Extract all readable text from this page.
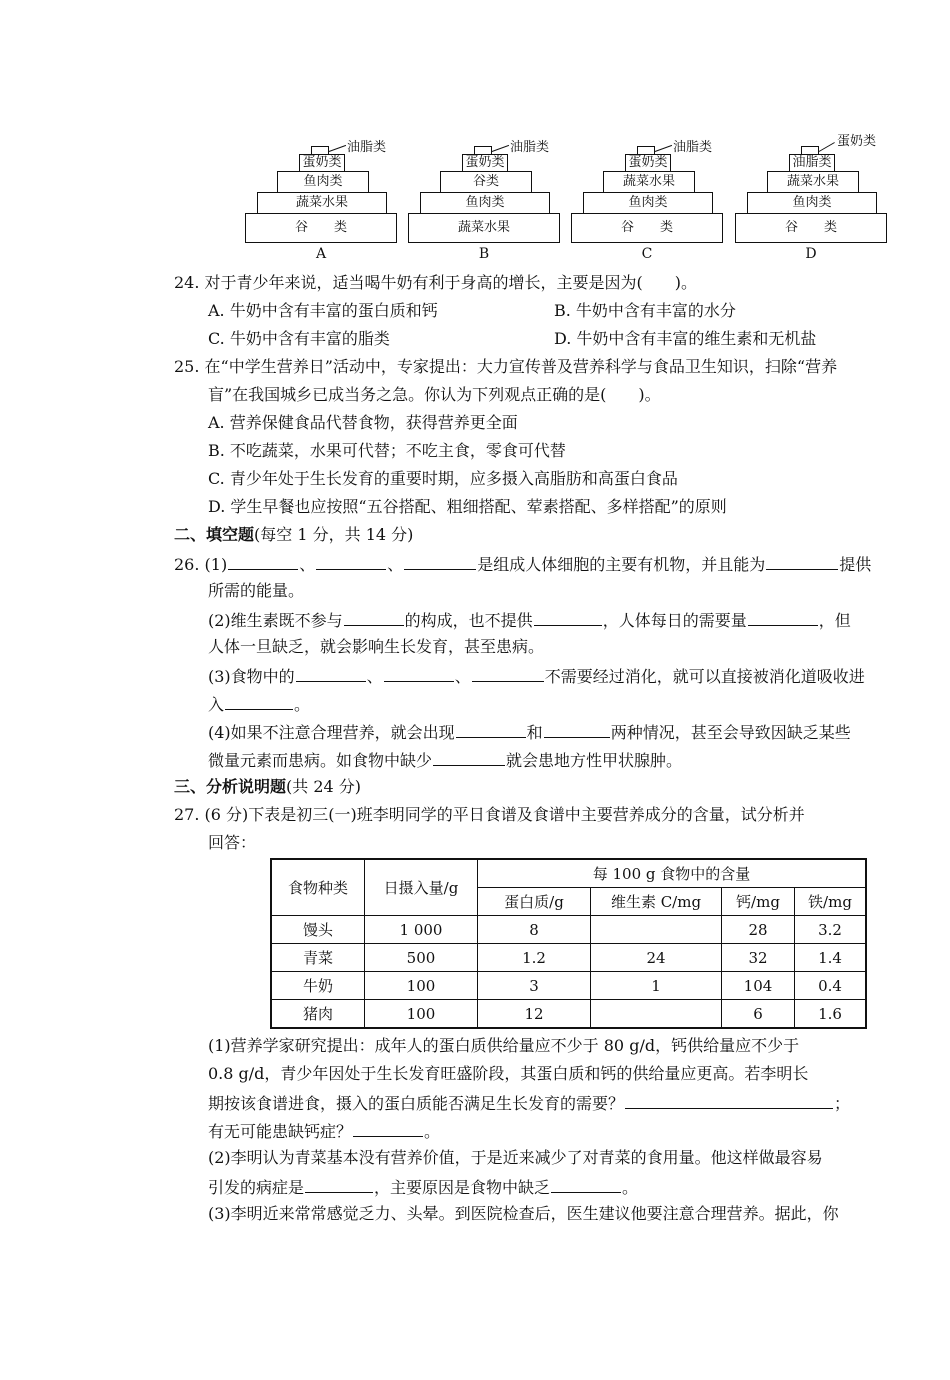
油脂类
蛋奶类
鱼肉类
蔬菜水果
谷　　类
A
油脂类
蛋奶类
谷类
鱼肉类
蔬菜水果
B
油脂类
蛋奶类
蔬菜水果
鱼肉类
谷　　类
C
蛋奶类
油脂类
蔬菜水果
鱼肉类
谷　　类
D
24. 对于青少年来说，适当喝牛奶有利于身高的增长，主要是因为(　　)。
A. 牛奶中含有丰富的蛋白质和钙	B. 牛奶中含有丰富的水分
C. 牛奶中含有丰富的脂类	D. 牛奶中含有丰富的维生素和无机盐
25. 在“中学生营养日”活动中，专家提出：大力宣传普及营养科学与食品卫生知识，扫除“营养
盲”在我国城乡已成当务之急。你认为下列观点正确的是(　　)。
A. 营养保健食品代替食物，获得营养更全面
B. 不吃蔬菜，水果可代替；不吃主食，零食可代替
C. 青少年处于生长发育的重要时期，应多摄入高脂肪和高蛋白食品
D. 学生早餐也应按照“五谷搭配、粗细搭配、荤素搭配、多样搭配”的原则
二、填空题(每空 1 分，共 14 分)
26. (1)	、	、	是组成人体细胞的主要有机物，并且能为	提供
所需的能量。
(2)维生素既不参与	的构成，也不提供	，人体每日的需要量	，但
人体一旦缺乏，就会影响生长发育，甚至患病。
(3)食物中的	、	、	不需要经过消化，就可以直接被消化道吸收进
入	。
(4)如果不注意合理营养，就会出现	和	两种情况，甚至会导致因缺乏某些
微量元素而患病。如食物中缺少	就会患地方性甲状腺肿。
三、分析说明题(共 24 分)
27. (6 分)下表是初三(一)班李明同学的平日食谱及食谱中主要营养成分的含量，试分析并
回答：
食物种类	日摄入量/g	每 100 g 食物中的含量			
		蛋白质/g	维生素 C/mg	钙/mg	铁/mg
馒头	1 000	8		28	3.2
青菜	500	1.2	24	32	1.4
牛奶	100	3	1	104	0.4
猪肉	100	12		6	1.6
(1)营养学家研究提出：成年人的蛋白质供给量应不少于 80 g/d，钙供给量应不少于
0.8 g/d，青少年因处于生长发育旺盛阶段，其蛋白质和钙的供给量应更高。若李明长
期按该食谱进食，摄入的蛋白质能否满足生长发育的需要？	；
有无可能患缺钙症？	。
(2)李明认为青菜基本没有营养价值，于是近来减少了对青菜的食用量。他这样做最容易
引发的病症是	，主要原因是食物中缺乏	。
(3)李明近来常常感觉乏力、头晕。到医院检查后，医生建议他要注意合理营养。据此，你
